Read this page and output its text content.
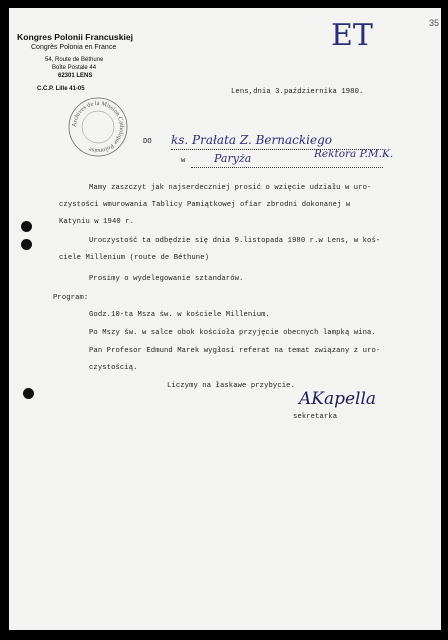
Kongres Polonii Francuskiej
Congrès Polonia en France
54, Route de Béthune
Boîte Postale 44
62301 LENS
C.C.P. Lille 41-05
ET	35
Archives de la Mission Catholique Polonaise
Lens,dnia 3.października 1980.
DO ks. Prałata Z. Bernackiego
w	Paryża	Rektora P.M.K.
Mamy zaszczyt jak najserdeczniej prosić o wzięcie udziału w uro-
czystości wmurowania Tablicy Pamiątkowej ofiar zbrodni dokonanej w
Katyniu w 1940 r.
Uroczystość ta odbędzie się dnia 9.listopada 1980 r.w Lens, w koś-
ciele Millenium (route de Béthune)
Prosimy o wydelegowanie sztandarów.
Program:
Godz.10-ta Msza św. w kościele Millenium.
Po Mszy św. w salce obok kościoła przyjęcie obecnych lampką wina.
Pan Profesor Edmund Marek wygłosi referat na temat związany z uro-
czystością.
Liczymy na łaskawe przybycie.
AKapella
sekretarka
